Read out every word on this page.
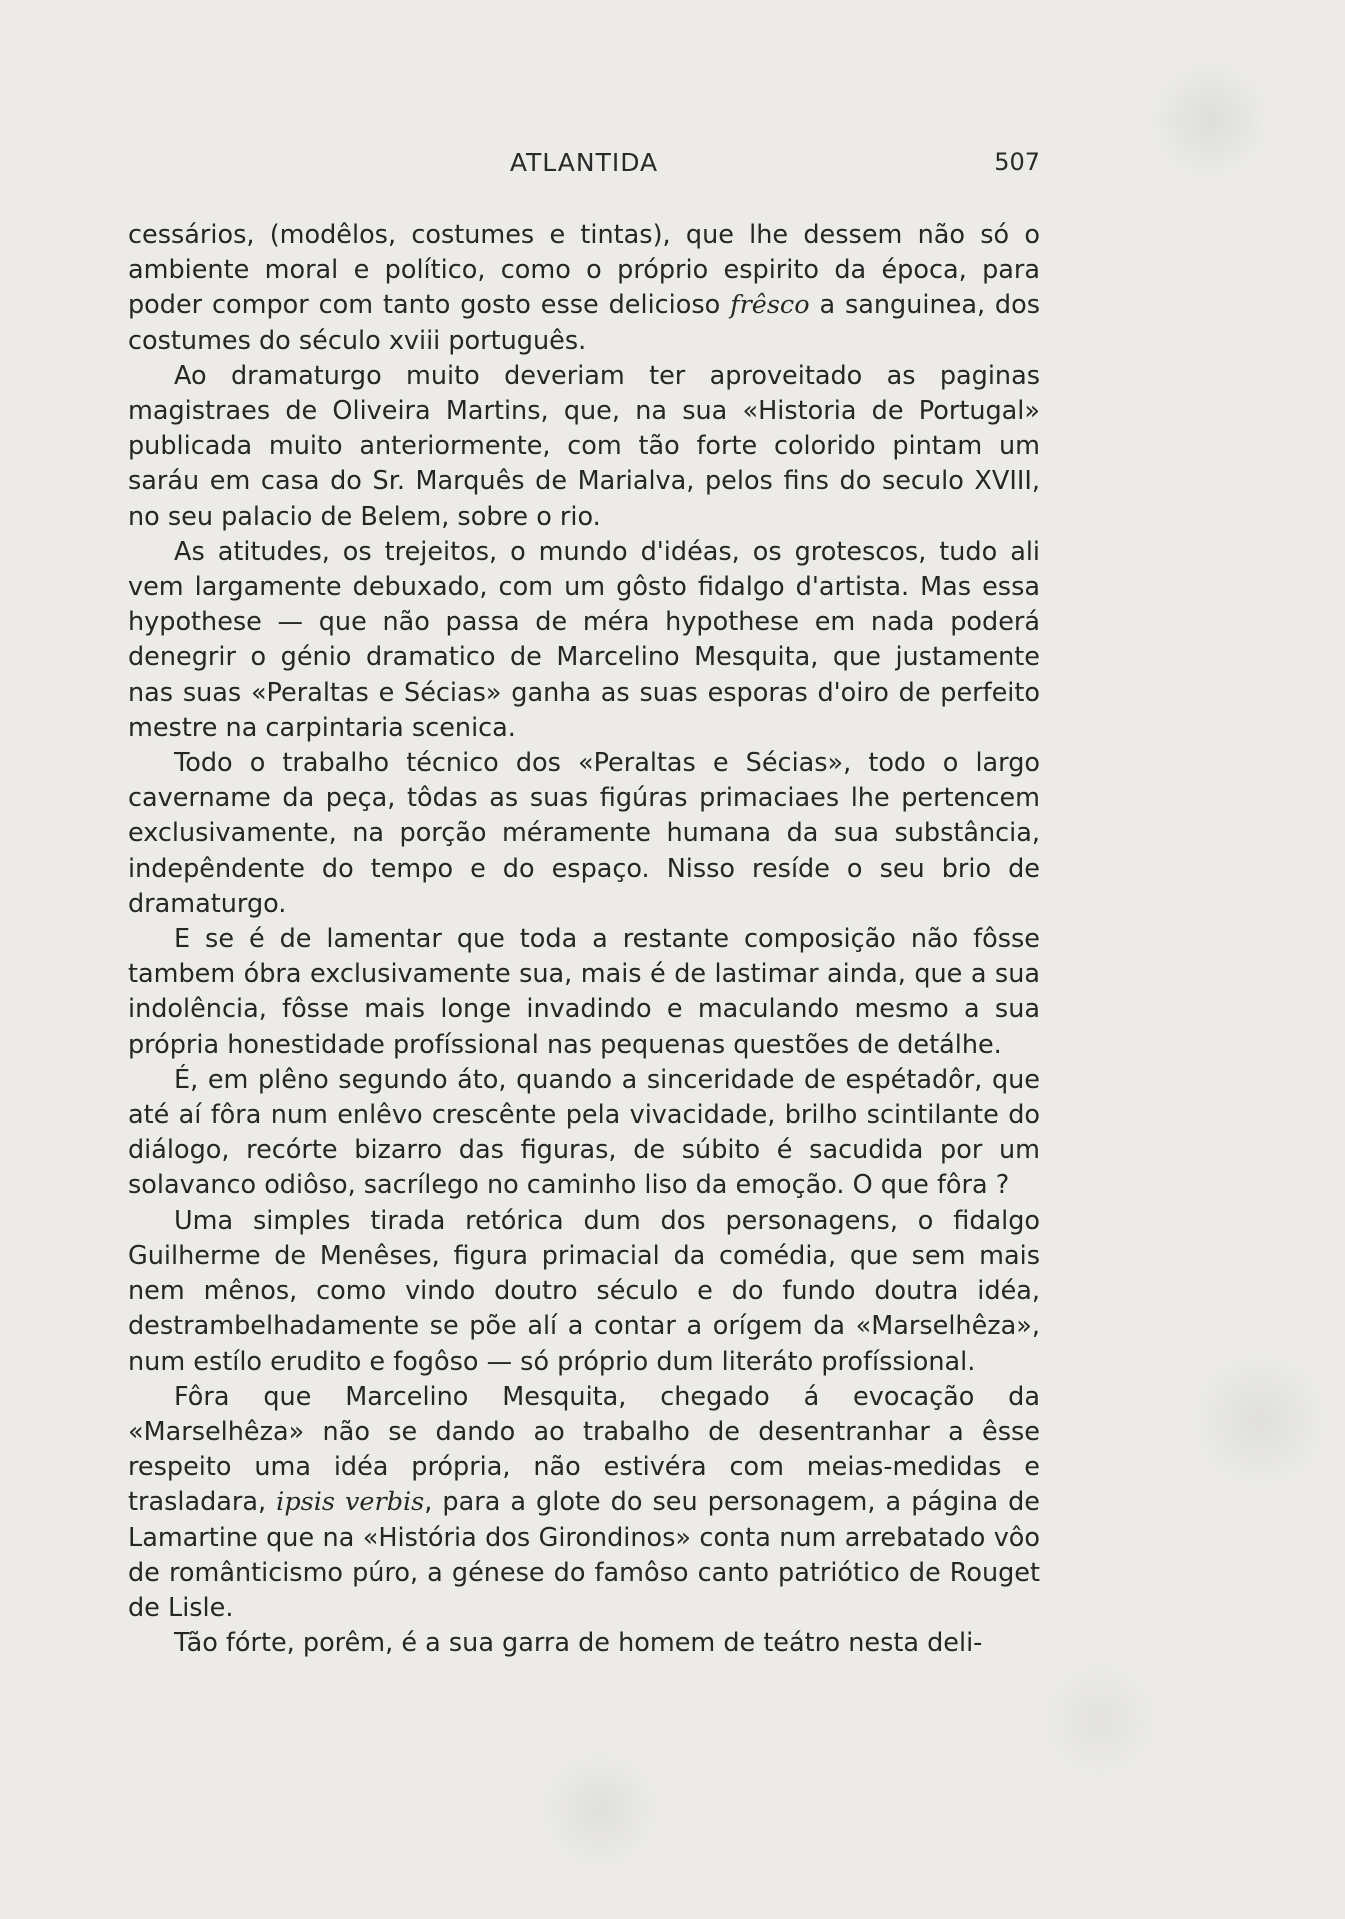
ATLANTIDA	507

cessários, (modêlos, costumes e tintas), que lhe dessem não só o ambiente moral e político, como o próprio espirito da época, para poder compor com tanto gosto esse delicioso frêsco a sanguinea, dos costumes do século xviii português.

Ao dramaturgo muito deveriam ter aproveitado as paginas magistraes de Oliveira Martins, que, na sua «Historia de Portugal» publicada muito anteriormente, com tão forte colorido pintam um saráu em casa do Sr. Marquês de Marialva, pelos fins do seculo XVIII, no seu palacio de Belem, sobre o rio.

As atitudes, os trejeitos, o mundo d'idéas, os grotescos, tudo ali vem largamente debuxado, com um gôsto fidalgo d'artista. Mas essa hypothese — que não passa de méra hypothese em nada poderá denegrir o génio dramatico de Marcelino Mesquita, que justamente nas suas «Peraltas e Sécias» ganha as suas esporas d'oiro de perfeito mestre na carpintaria scenica.

Todo o trabalho técnico dos «Peraltas e Sécias», todo o largo cavername da peça, tôdas as suas figúras primaciaes lhe pertencem exclusivamente, na porção méramente humana da sua substância, indepêndente do tempo e do espaço. Nisso resíde o seu brio de dramaturgo.

E se é de lamentar que toda a restante composição não fôsse tambem óbra exclusivamente sua, mais é de lastimar ainda, que a sua indolência, fôsse mais longe invadindo e maculando mesmo a sua própria honestidade profíssional nas pequenas questões de detálhe.

É, em plêno segundo áto, quando a sinceridade de espétadôr, que até aí fôra num enlêvo crescênte pela vivacidade, brilho scintilante do diálogo, recórte bizarro das figuras, de súbito é sacudida por um solavanco odiôso, sacrílego no caminho liso da emoção. O que fôra ?

Uma simples tirada retórica dum dos personagens, o fidalgo Guilherme de Menêses, figura primacial da comédia, que sem mais nem mênos, como vindo doutro século e do fundo doutra idéa, destrambelhadamente se põe alí a contar a orígem da «Marselhêza», num estílo erudito e fogôso — só próprio dum literáto profíssional.

Fôra que Marcelino Mesquita, chegado á evocação da «Marselhêza» não se dando ao trabalho de desentranhar a êsse respeito uma idéa própria, não estivéra com meias-medidas e trasladara, ipsis verbis, para a glote do seu personagem, a página de Lamartine que na «História dos Girondinos» conta num arrebatado vôo de românticismo púro, a génese do famôso canto patriótico de Rouget de Lisle.

Tão fórte, porêm, é a sua garra de homem de teátro nesta deli-
